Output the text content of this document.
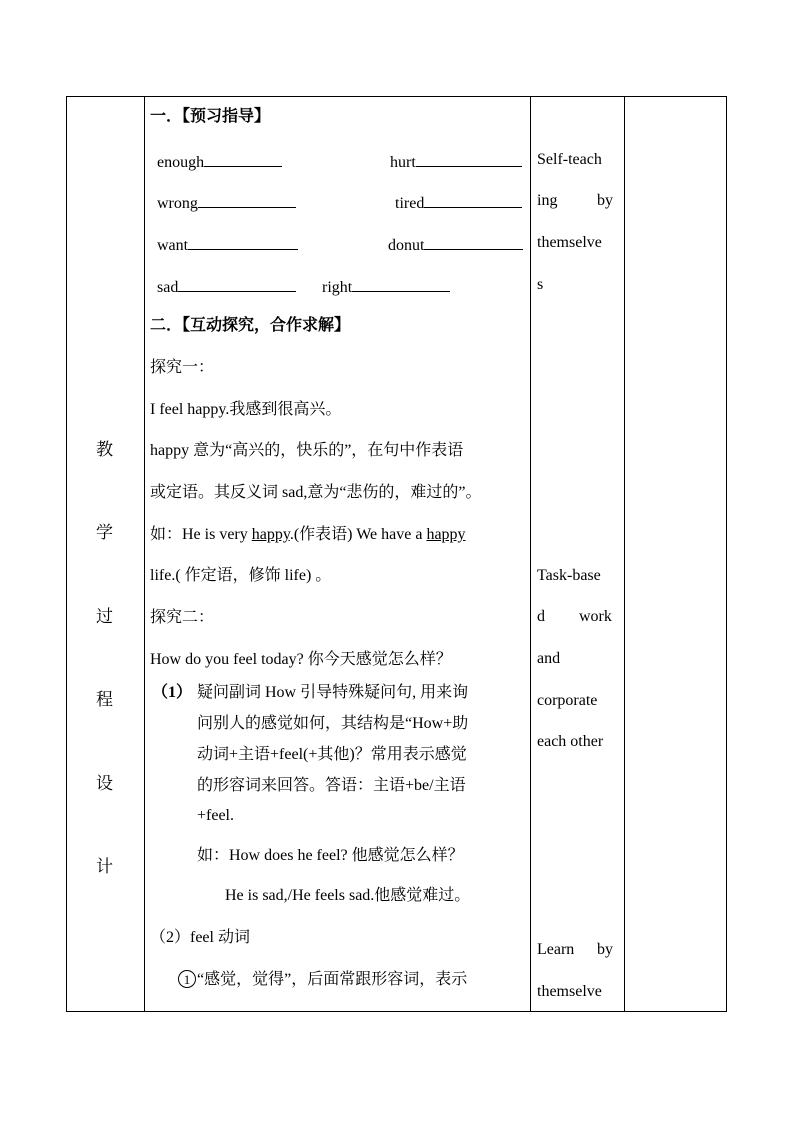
教
学
过
程
设
计
一．【预习指导】
enough	hurt
wrong	tired
want	donut
sad	right
二．【互动探究，合作求解】
探究一：
I feel happy.我感到很高兴。
happy 意为“高兴的，快乐的”，在句中作表语
或定语。其反义词 sad,意为“悲伤的，难过的”。
如：He is very happy.(作表语) We have a happy
life.( 作定语，修饰 life) 。
探究二：
How do you feel today? 你今天感觉怎么样？
（1） 疑问副词 How 引导特殊疑问句, 用来询
问别人的感觉如何，其结构是“How+助
动词+主语+feel(+其他)？常用表示感觉
的形容词来回答。答语：主语+be/主语
+feel.
如：How does he feel? 他感觉怎么样？
He is sad,/He feels sad.他感觉难过。
（2）feel 动词
1 “感觉，觉得”，后面常跟形容词，表示
Self-teach
ing by
themselve
s
Task-base
d work
and
corporate
each other
Learn by
themselve
